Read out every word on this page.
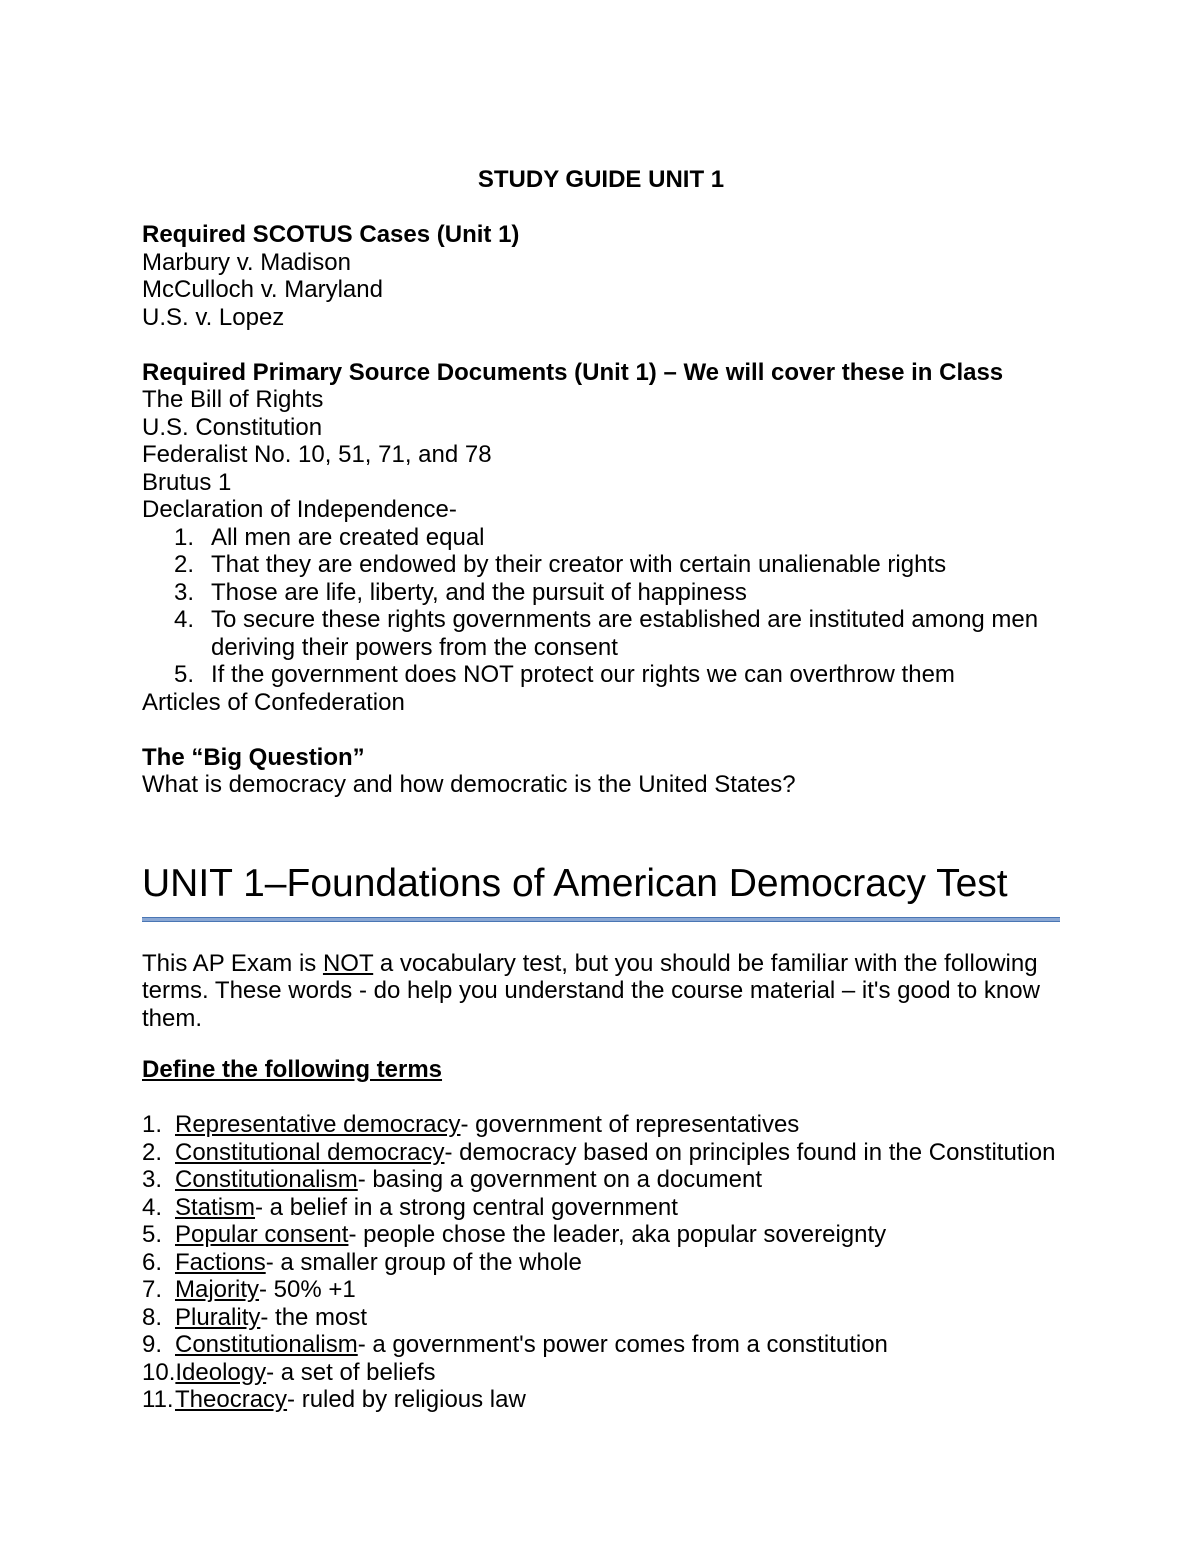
STUDY GUIDE UNIT 1
Required SCOTUS Cases (Unit 1)
Marbury v. Madison
McCulloch v. Maryland
U.S. v. Lopez
Required Primary Source Documents (Unit 1) – We will cover these in Class
The Bill of Rights
U.S. Constitution
Federalist No. 10, 51, 71, and 78
Brutus 1
Declaration of Independence-
1. All men are created equal
2. That they are endowed by their creator with certain unalienable rights
3. Those are life, liberty, and the pursuit of happiness
4. To secure these rights governments are established are instituted among men deriving their powers from the consent
5. If the government does NOT protect our rights we can overthrow them
Articles of Confederation
The “Big Question”
What is democracy and how democratic is the United States?
UNIT 1–Foundations of American Democracy Test
This AP Exam is NOT a vocabulary test, but you should be familiar with the following terms. These words - do help you understand the course material – it's good to know them.
Define the following terms
1. Representative democracy- government of representatives
2. Constitutional democracy- democracy based on principles found in the Constitution
3. Constitutionalism- basing a government on a document
4. Statism- a belief in a strong central government
5. Popular consent- people chose the leader, aka popular sovereignty
6. Factions- a smaller group of the whole
7. Majority- 50% +1
8. Plurality- the most
9. Constitutionalism- a government's power comes from a constitution
10. Ideology- a set of beliefs
11. Theocracy- ruled by religious law
